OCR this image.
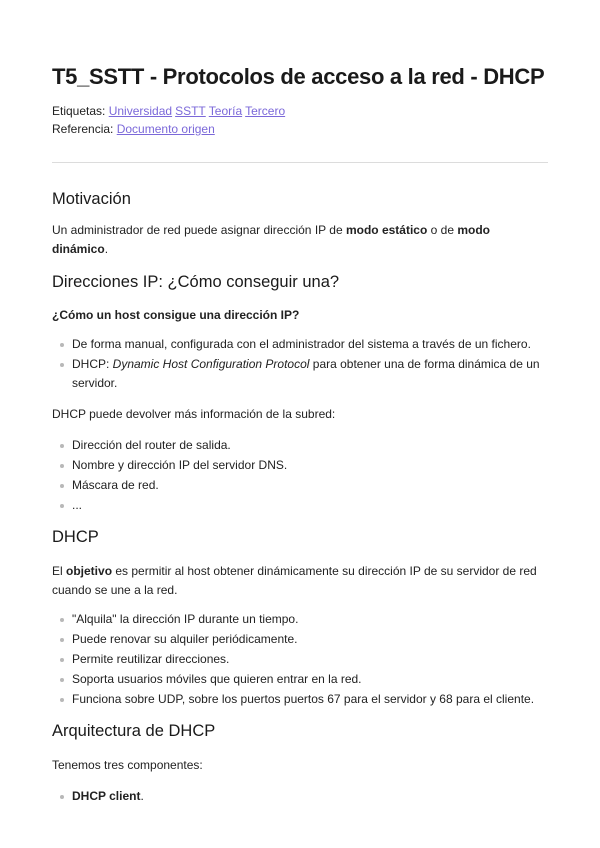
T5_SSTT - Protocolos de acceso a la red - DHCP
Etiquetas: Universidad SSTT Teoría Tercero
Referencia: Documento origen
Motivación

Un administrador de red puede asignar dirección IP de modo estático o de modo dinámico.

Direcciones IP: ¿Cómo conseguir una?

¿Cómo un host consigue una dirección IP?

De forma manual, configurada con el administrador del sistema a través de un fichero.
DHCP: Dynamic Host Configuration Protocol para obtener una de forma dinámica de un servidor.

DHCP puede devolver más información de la subred:

Dirección del router de salida.
Nombre y dirección IP del servidor DNS.
Máscara de red.
...
DHCP

El objetivo es permitir al host obtener dinámicamente su dirección IP de su servidor de red cuando se une a la red.

"Alquila" la dirección IP durante un tiempo.
Puede renovar su alquiler periódicamente.
Permite reutilizar direcciones.
Soporta usuarios móviles que quieren entrar en la red.
Funciona sobre UDP, sobre los puertos puertos 67 para el servidor y 68 para el cliente.
Arquitectura de DHCP

Tenemos tres componentes:

DHCP client.
